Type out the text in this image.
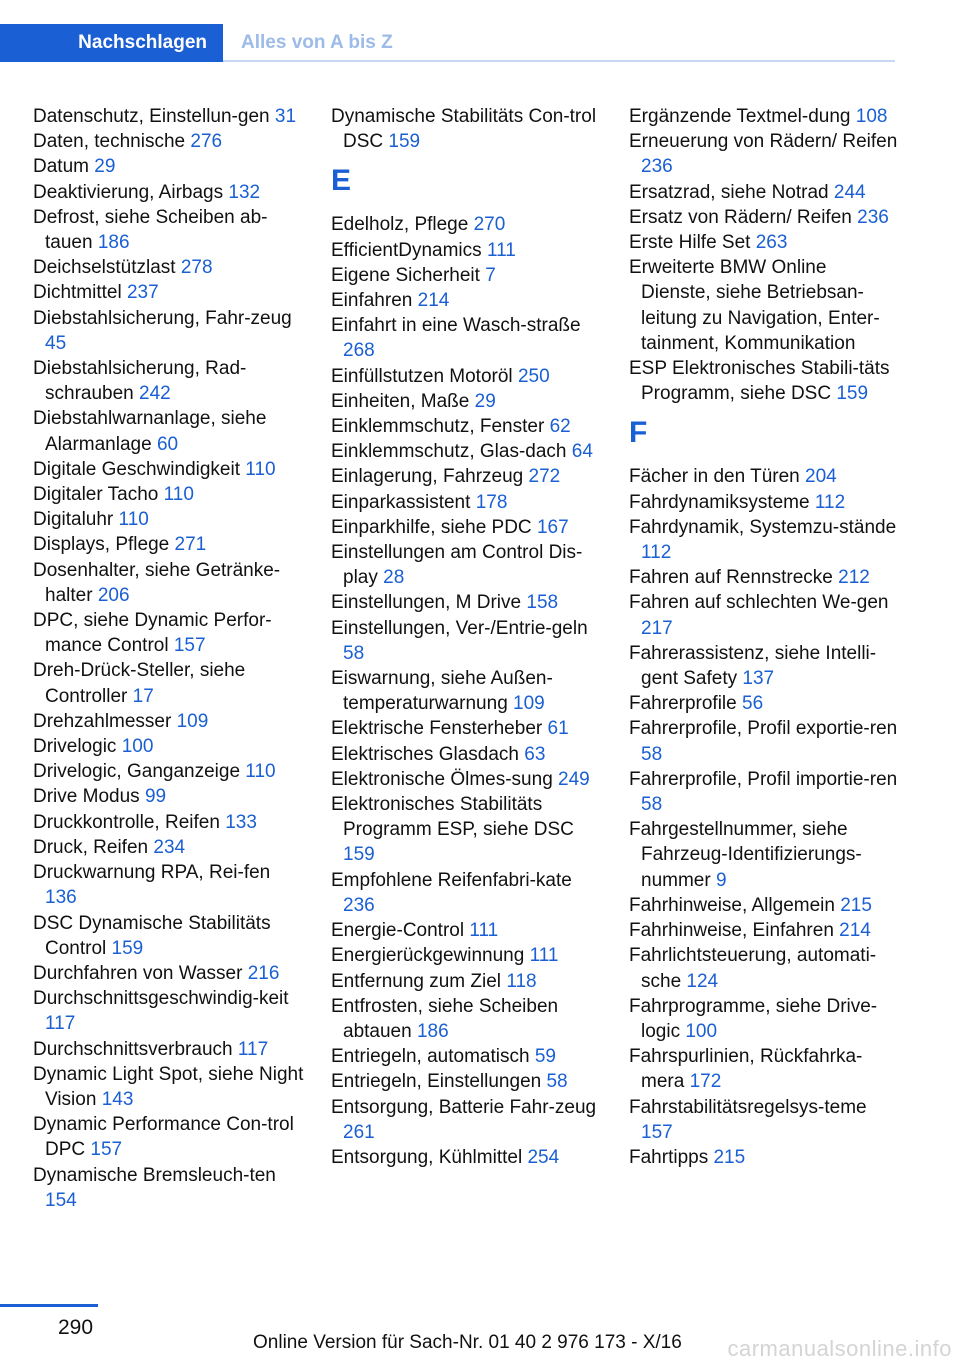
Nachschlagen	Alles von A bis Z
Datenschutz, Einstellun-gen 31
Daten, technische 276
Datum 29
Deaktivierung, Airbags 132
Defrost, siehe Scheiben ab-tauen 186
Deichselstützlast 278
Dichtmittel 237
Diebstahlsicherung, Fahr-zeug 45
Diebstahlsicherung, Rad-schrauben 242
Diebstahlwarnanlage, siehe Alarmanlage 60
Digitale Geschwindigkeit 110
Digitaler Tacho 110
Digitaluhr 110
Displays, Pflege 271
Dosenhalter, siehe Getränke-halter 206
DPC, siehe Dynamic Perfor-mance Control 157
Dreh-Drück-Steller, siehe Controller 17
Drehzahlmesser 109
Drivelogic 100
Drivelogic, Ganganzeige 110
Drive Modus 99
Druckkontrolle, Reifen 133
Druck, Reifen 234
Druckwarnung RPA, Rei-fen 136
DSC Dynamische Stabilitäts Control 159
Durchfahren von Wasser 216
Durchschnittsgeschwindig-keit 117
Durchschnittsverbrauch 117
Dynamic Light Spot, siehe Night Vision 143
Dynamic Performance Con-trol DPC 157
Dynamische Bremsleuch-ten 154
Dynamische Stabilitäts Con-trol DSC 159
E
Edelholz, Pflege 270
EfficientDynamics 111
Eigene Sicherheit 7
Einfahren 214
Einfahrt in eine Wasch-straße 268
Einfüllstutzen Motoröl 250
Einheiten, Maße 29
Einklemmschutz, Fenster 62
Einklemmschutz, Glas-dach 64
Einlagerung, Fahrzeug 272
Einparkassistent 178
Einparkhilfe, siehe PDC 167
Einstellungen am Control Dis-play 28
Einstellungen, M Drive 158
Einstellungen, Ver-/Entrie-geln 58
Eiswarnung, siehe Außen-temperaturwarnung 109
Elektrische Fensterheber 61
Elektrisches Glasdach 63
Elektronische Ölmes-sung 249
Elektronisches Stabilitäts Programm ESP, siehe DSC 159
Empfohlene Reifenfabri-kate 236
Energie-Control 111
Energierückgewinnung 111
Entfernung zum Ziel 118
Entfrosten, siehe Scheiben abtauen 186
Entriegeln, automatisch 59
Entriegeln, Einstellungen 58
Entsorgung, Batterie Fahr-zeug 261
Entsorgung, Kühlmittel 254
Ergänzende Textmel-dung 108
Erneuerung von Rädern/ Reifen 236
Ersatzrad, siehe Notrad 244
Ersatz von Rädern/ Reifen 236
Erste Hilfe Set 263
Erweiterte BMW Online Dienste, siehe Betriebsan-leitung zu Navigation, Enter-tainment, Kommunikation
ESP Elektronisches Stabili-täts Programm, siehe DSC 159
F
Fächer in den Türen 204
Fahrdynamiksysteme 112
Fahrdynamik, Systemzu-stände 112
Fahren auf Rennstrecke 212
Fahren auf schlechten We-gen 217
Fahrerassistenz, siehe Intelli-gent Safety 137
Fahrerprofile 56
Fahrerprofile, Profil exportie-ren 58
Fahrerprofile, Profil importie-ren 58
Fahrgestellnummer, siehe Fahrzeug-Identifizierungs-nummer 9
Fahrhinweise, Allgemein 215
Fahrhinweise, Einfahren 214
Fahrlichtsteuerung, automati-sche 124
Fahrprogramme, siehe Drive-logic 100
Fahrspurlinien, Rückfahrka-mera 172
Fahrstabilitätsregelsys-teme 157
Fahrtipps 215
290
Online Version für Sach-Nr. 01 40 2 976 173 - X/16 carmanualsonline.info
